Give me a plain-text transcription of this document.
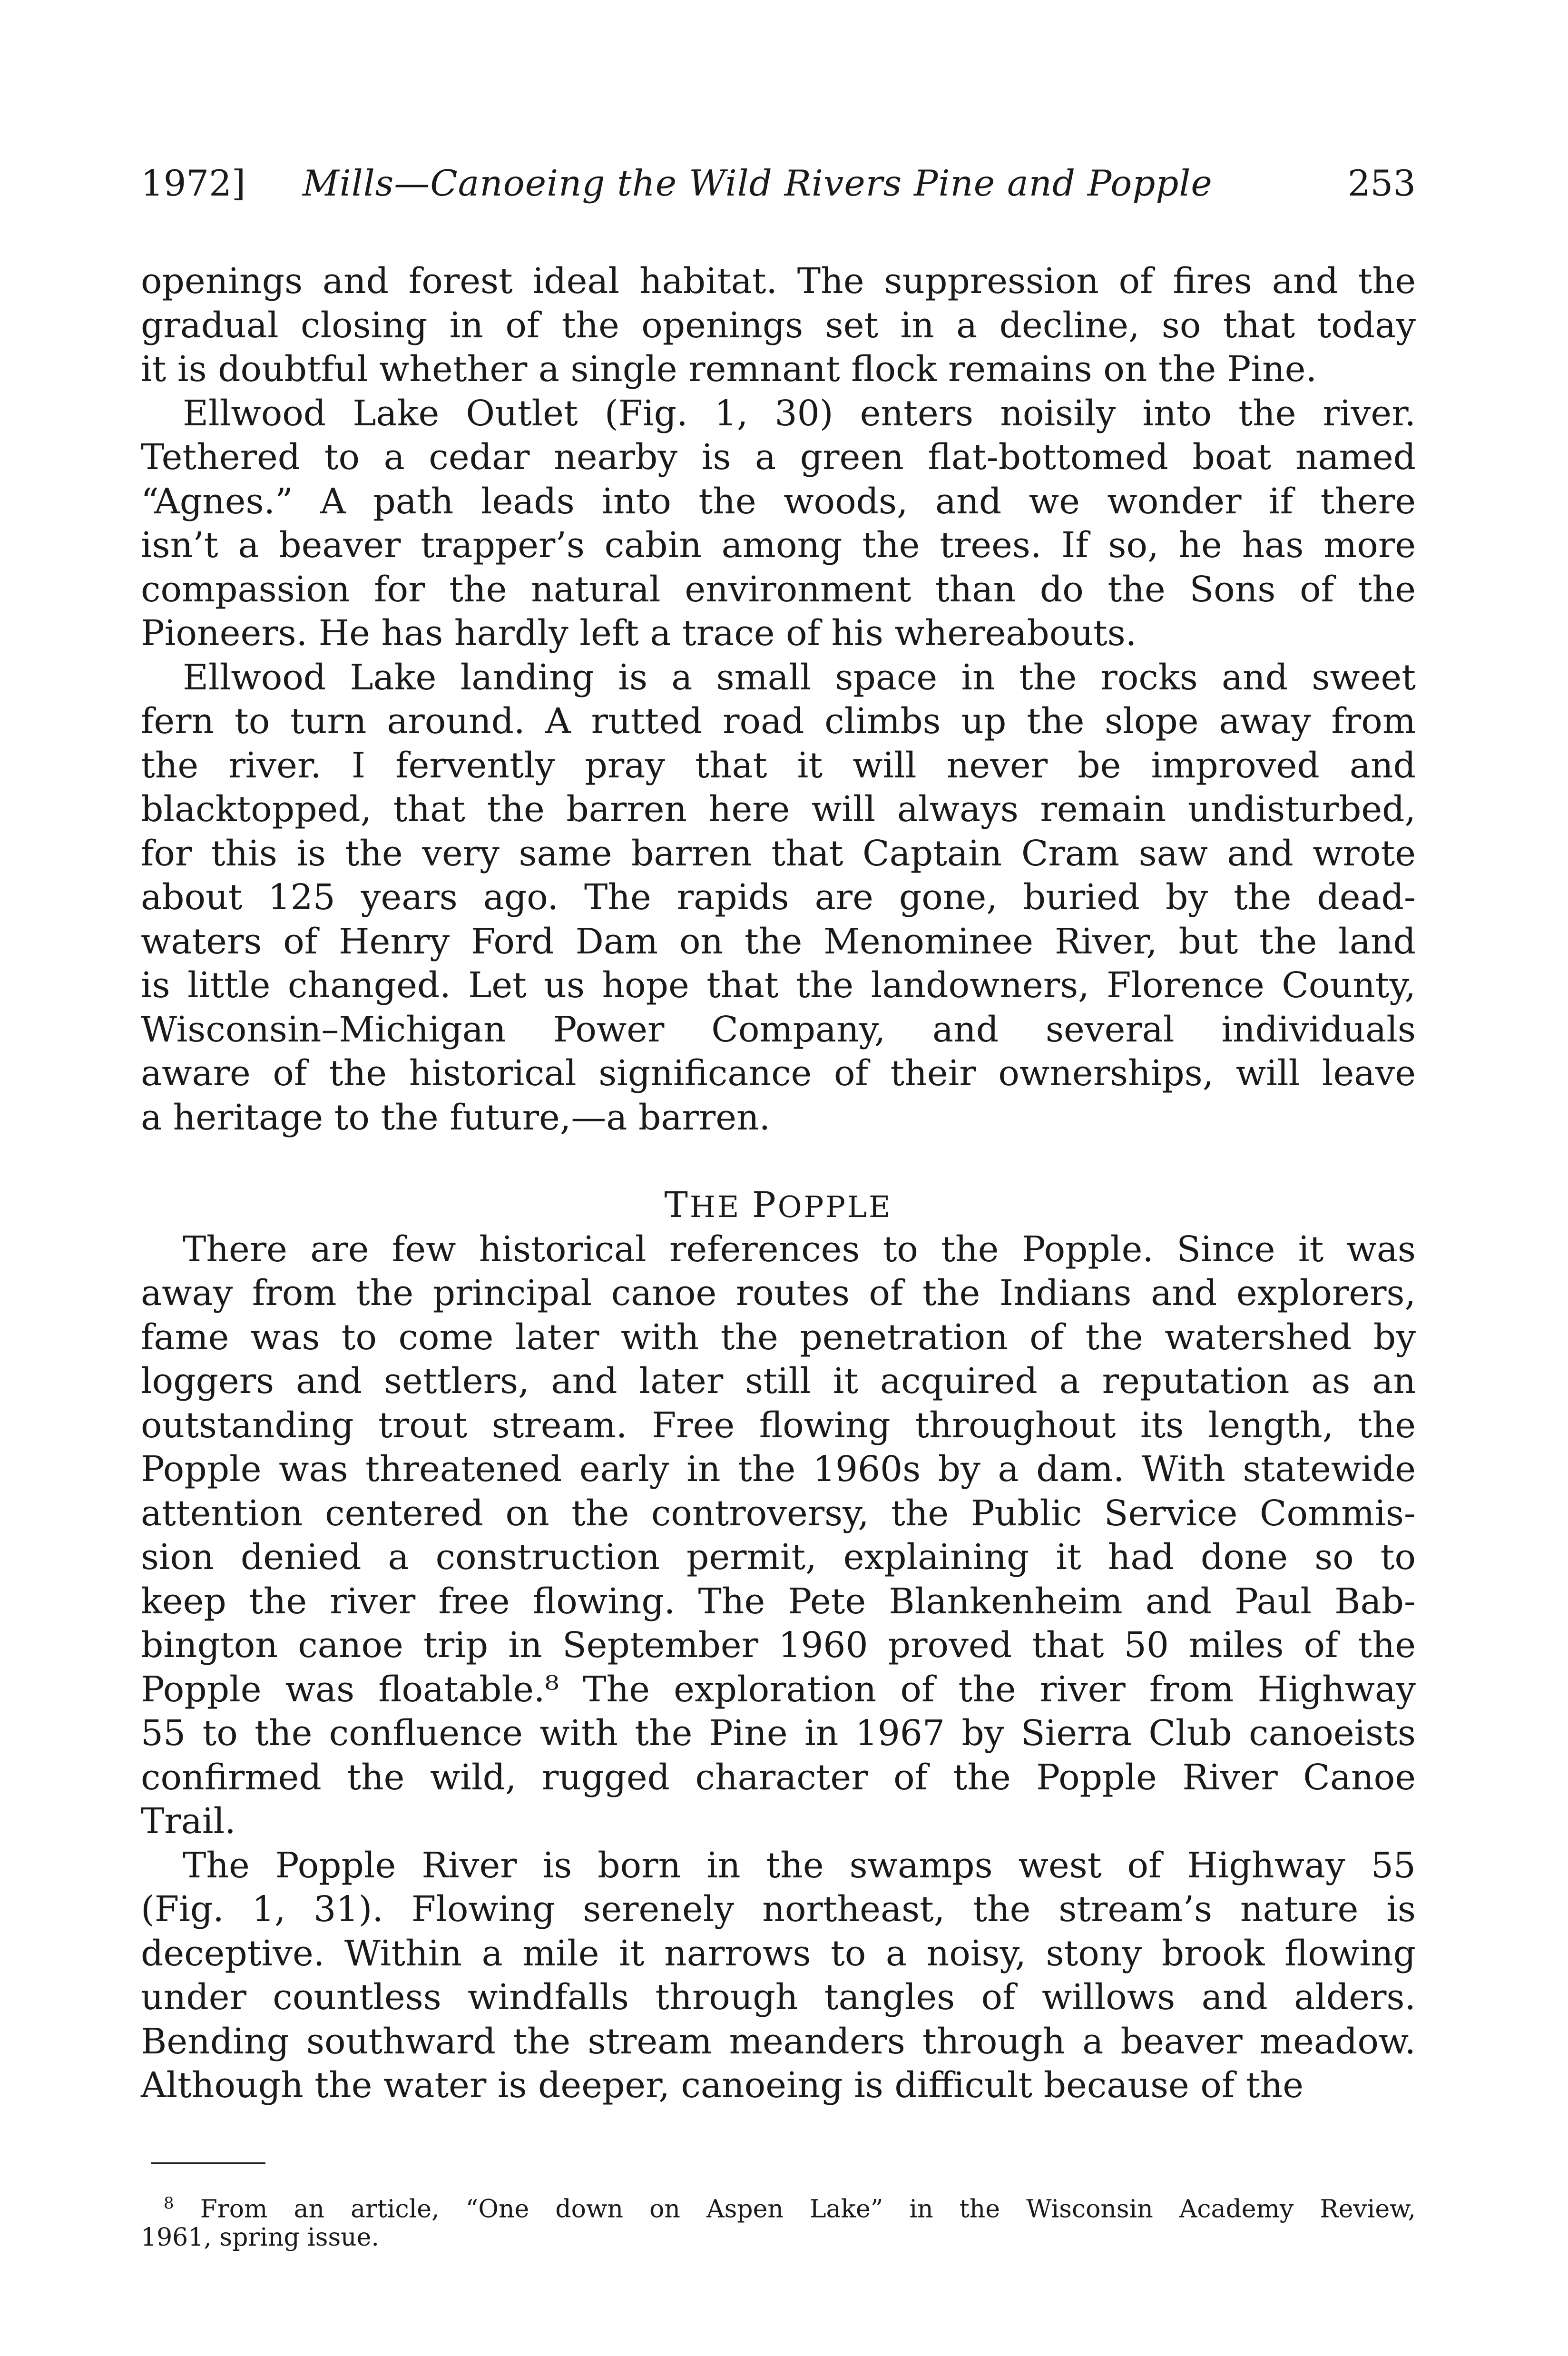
1972] Mills—Canoeing the Wild Rivers Pine and Popple	253
openings and forest ideal habitat. The suppression of fires and the
gradual closing in of the openings set in a decline, so that today
it is doubtful whether a single remnant flock remains on the Pine.
Ellwood Lake Outlet (Fig. 1, 30) enters noisily into the river.
Tethered to a cedar nearby is a green flat-bottomed boat named
“Agnes.” A path leads into the woods, and we wonder if there
isn’t a beaver trapper’s cabin among the trees. If so, he has more
compassion for the natural environment than do the Sons of the
Pioneers. He has hardly left a trace of his whereabouts.
Ellwood Lake landing is a small space in the rocks and sweet
fern to turn around. A rutted road climbs up the slope away from
the river. I fervently pray that it will never be improved and
blacktopped, that the barren here will always remain undisturbed,
for this is the very same barren that Captain Cram saw and wrote
about 125 years ago. The rapids are gone, buried by the dead-
waters of Henry Ford Dam on the Menominee River, but the land
is little changed. Let us hope that the landowners, Florence County,
Wisconsin–Michigan Power Company, and several individuals
aware of the historical significance of their ownerships, will leave
a heritage to the future,—a barren.
THE POPPLE
There are few historical references to the Popple. Since it was
away from the principal canoe routes of the Indians and explorers,
fame was to come later with the penetration of the watershed by
loggers and settlers, and later still it acquired a reputation as an
outstanding trout stream. Free flowing throughout its length, the
Popple was threatened early in the 1960s by a dam. With statewide
attention centered on the controversy, the Public Service Commis-
sion denied a construction permit, explaining it had done so to
keep the river free flowing. The Pete Blankenheim and Paul Bab-
bington canoe trip in September 1960 proved that 50 miles of the
Popple was floatable.⁸ The exploration of the river from Highway
55 to the confluence with the Pine in 1967 by Sierra Club canoeists
confirmed the wild, rugged character of the Popple River Canoe
Trail.
The Popple River is born in the swamps west of Highway 55
(Fig. 1, 31). Flowing serenely northeast, the stream’s nature is
deceptive. Within a mile it narrows to a noisy, stony brook flowing
under countless windfalls through tangles of willows and alders.
Bending southward the stream meanders through a beaver meadow.
Although the water is deeper, canoeing is difficult because of the
$^8$ From an article, “One down on Aspen Lake” in the Wisconsin Academy Review,
1961, spring issue.
